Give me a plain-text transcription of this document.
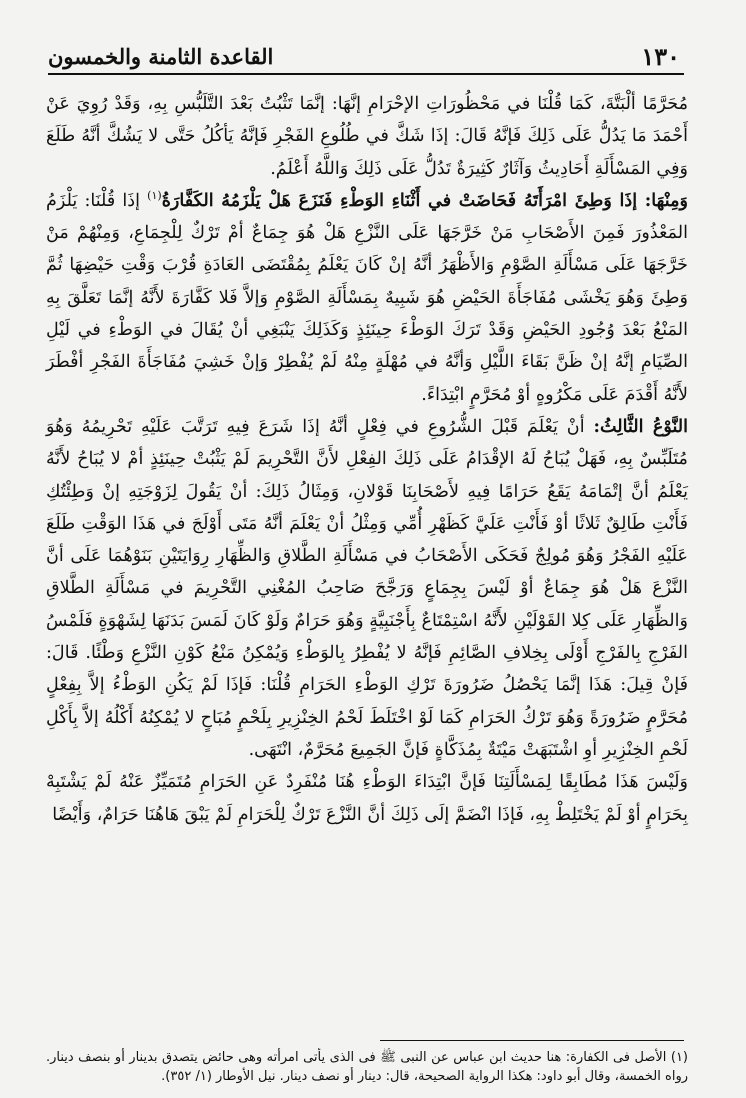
١٣٠
القاعدة الثامنة والخمسون

مُحَرَّمًا ألْبَتَّةَ، كَمَا قُلْنَا في مَحْظُورَاتِ الإحْرَامِ إنَّهَا: إنَّمَا تَثْبُتُ بَعْدَ التَّلَبُّسِ بِهِ، وَقَدْ رُوِيَ عَنْ أَحْمَدَ مَا يَدُلُّ عَلَى ذَلِكَ فَإنَّهُ قَالَ: إذَا شَكَّ في طُلُوعِ الفَجْرِ فَإنَّهُ يَأكُلُ حَتَّى لا يَشُكَّ أنَّهُ طَلَعَ وَفِي المَسْأَلَةِ أَحَادِيثُ وَآثَارٌ كَثِيرَةٌ تَدُلُّ عَلَى ذَلِكَ وَاللَّهُ أَعْلَمُ.

وَمِنْهَا: إذَا وَطِئَ امْرَأَتَهُ فَحَاضَتْ في أَثْنَاءِ الوَطْءِ فَنَزَعَ هَلْ يَلْزَمُهُ الكَفَّارَةُ$^{(١)}$ إذَا قُلْنَا: يَلْزَمُ المَعْذُورَ فَمِنَ الأَصْحَابِ مَنْ خَرَّجَهَا عَلَى النَّزْعِ هَلْ هُوَ جِمَاعٌ أمْ تَرْكٌ لِلْجِمَاعِ، وَمِنْهُمْ مَنْ خَرَّجَهَا عَلَى مَسْأَلَةِ الصَّوْمِ وَالأَظْهَرُ أنَّهُ إنْ كَانَ يَعْلَمُ بِمُقْتَضَى العَادَةِ قُرْبَ وَقْتِ حَيْضِهَا ثُمَّ وَطِئَ وَهُوَ يَخْشَى مُفَاجَأَةَ الحَيْضِ هُوَ شَبِيهٌ بِمَسْأَلَةِ الصَّوْمِ وَإلاَّ فَلا كَفَّارَةَ لأَنَّهُ إنَّمَا تَعَلَّقَ بِهِ المَنْعُ بَعْدَ وُجُودِ الحَيْضِ وَقَدْ تَرَكَ الوَطْءَ حِينَئِذٍ وَكَذَلِكَ يَنْبَغِي أنْ يُقَالَ في الوَطْءِ في لَيْلِ الصِّيَامِ إنَّهُ إنْ ظَنَّ بَقَاءَ اللَّيْلِ وَأنَّهُ في مُهْلَةٍ مِنْهُ لَمْ يُفْطِرْ وَإنْ خَشِيَ مُفَاجَأَةَ الفَجْرِ أفْطَرَ لأَنَّهُ أَقْدَمَ عَلَى مَكْرُوهٍ أوْ مُحَرَّمٍ ابْتِدَاءً.

النَّوْعُ الثَّالِثُ: أنْ يَعْلَمَ قَبْلَ الشُّرُوعِ في فِعْلٍ أنَّهُ إذَا شَرَعَ فِيهِ تَرَتَّبَ عَلَيْهِ تَحْرِيمُهُ وَهُوَ مُتَلَبِّسٌ بِهِ، فَهَلْ يُبَاحُ لَهُ الإقْدَامُ عَلَى ذَلِكَ الفِعْلِ لأَنَّ التَّحْرِيمَ لَمْ يَثْبُتْ حِينَئِذٍ أمْ لا يُبَاحُ لأَنَّهُ يَعْلَمُ أنَّ إتْمَامَهُ يَقَعُ حَرَامًا فِيهِ لأَصْحَابِنَا قَوْلانِ، وَمِثَالُ ذَلِكَ: أنْ يَقُولَ لِزَوْجَتِهِ إنْ وَطِئْتُكِ فَأَنْتِ طَالِقٌ ثَلاثًا أوْ فَأَنْتِ عَلَيَّ كَظَهْرِ أُمِّي وَمِثْلُ أنْ يَعْلَمَ أنَّهُ مَتَى أَوْلَجَ في هَذَا الوَقْتِ طَلَعَ عَلَيْهِ الفَجْرُ وَهُوَ مُولِجٌ فَحَكَى الأَصْحَابُ في مَسْأَلَةِ الطَّلاقِ وَالظِّهَارِ رِوَايَتَيْنِ بَنَوْهُمَا عَلَى أنَّ النَّزْعَ هَلْ هُوَ جِمَاعٌ أوْ لَيْسَ بِجِمَاعٍ وَرَجَّحَ صَاحِبُ المُغْنِي التَّحْرِيمَ في مَسْأَلَةِ الطَّلاقِ وَالظِّهَارِ عَلَى كِلا القَوْلَيْنِ لأَنَّهُ اسْتِمْتَاعٌ بِأَجْنَبِيَّةٍ وَهُوَ حَرَامٌ وَلَوْ كَانَ لَمَسَ بَدَنَهَا لِشَهْوَةٍ فَلَمْسُ الفَرْجِ بِالفَرْجِ أَوْلَى بِخِلافِ الصَّائِمِ فَإنَّهُ لا يُفْطِرُ بِالوَطْءِ وَيُمْكِنُ مَنْعُ كَوْنِ النَّزْعِ وَطْئًا. قَالَ: فَإنْ قِيلَ: هَذَا إنَّمَا يَحْصُلُ ضَرُورَةَ تَرْكِ الوَطْءِ الحَرَامِ قُلْنَا: فَإذَا لَمْ يَكُنِ الوَطْءُ إلاَّ بِفِعْلٍ مُحَرَّمٍ ضَرُورَةً وَهُوَ تَرْكُ الحَرَامِ كَمَا لَوْ اخْتَلَطَ لَحْمُ الخِنْزِيرِ بِلَحْمٍ مُبَاحٍ لا يُمْكِنُهُ أَكْلُهُ إلاَّ بِأَكْلِ لَحْمِ الخِنْزِيرِ أوِ اشْتَبَهَتْ مَيْتَةٌ بِمُذَكَّاةٍ فَإنَّ الجَمِيعَ مُحَرَّمٌ، انْتَهَى.

وَلَيْسَ هَذَا مُطَابِقًا لِمَسْأَلَتِنَا فَإنَّ ابْتِدَاءَ الوَطْءِ هُنَا مُنْفَرِدٌ عَنِ الحَرَامِ مُتَمَيِّزٌ عَنْهُ لَمْ يَشْتَبِهْ بِحَرَامٍ أوْ لَمْ يَخْتَلِطْ بِهِ، فَإذَا انْضَمَّ إلَى ذَلِكَ أنَّ النَّزْعَ تَرْكٌ لِلْحَرَامِ لَمْ يَبْقَ هَاهُنَا حَرَامٌ، وَأَيْضًا

(١) الأصل فى الكفارة: هنا حديث ابن عباس عن النبى ﷺ فى الذى يأتى امرأته وهى حائض يتصدق بدينار أو بنصف دينار. رواه الخمسة، وقال أبو داود: هكذا الرواية الصحيحة، قال: دينار أو نصف دينار. نيل الأوطار (١/ ٣٥٢).
